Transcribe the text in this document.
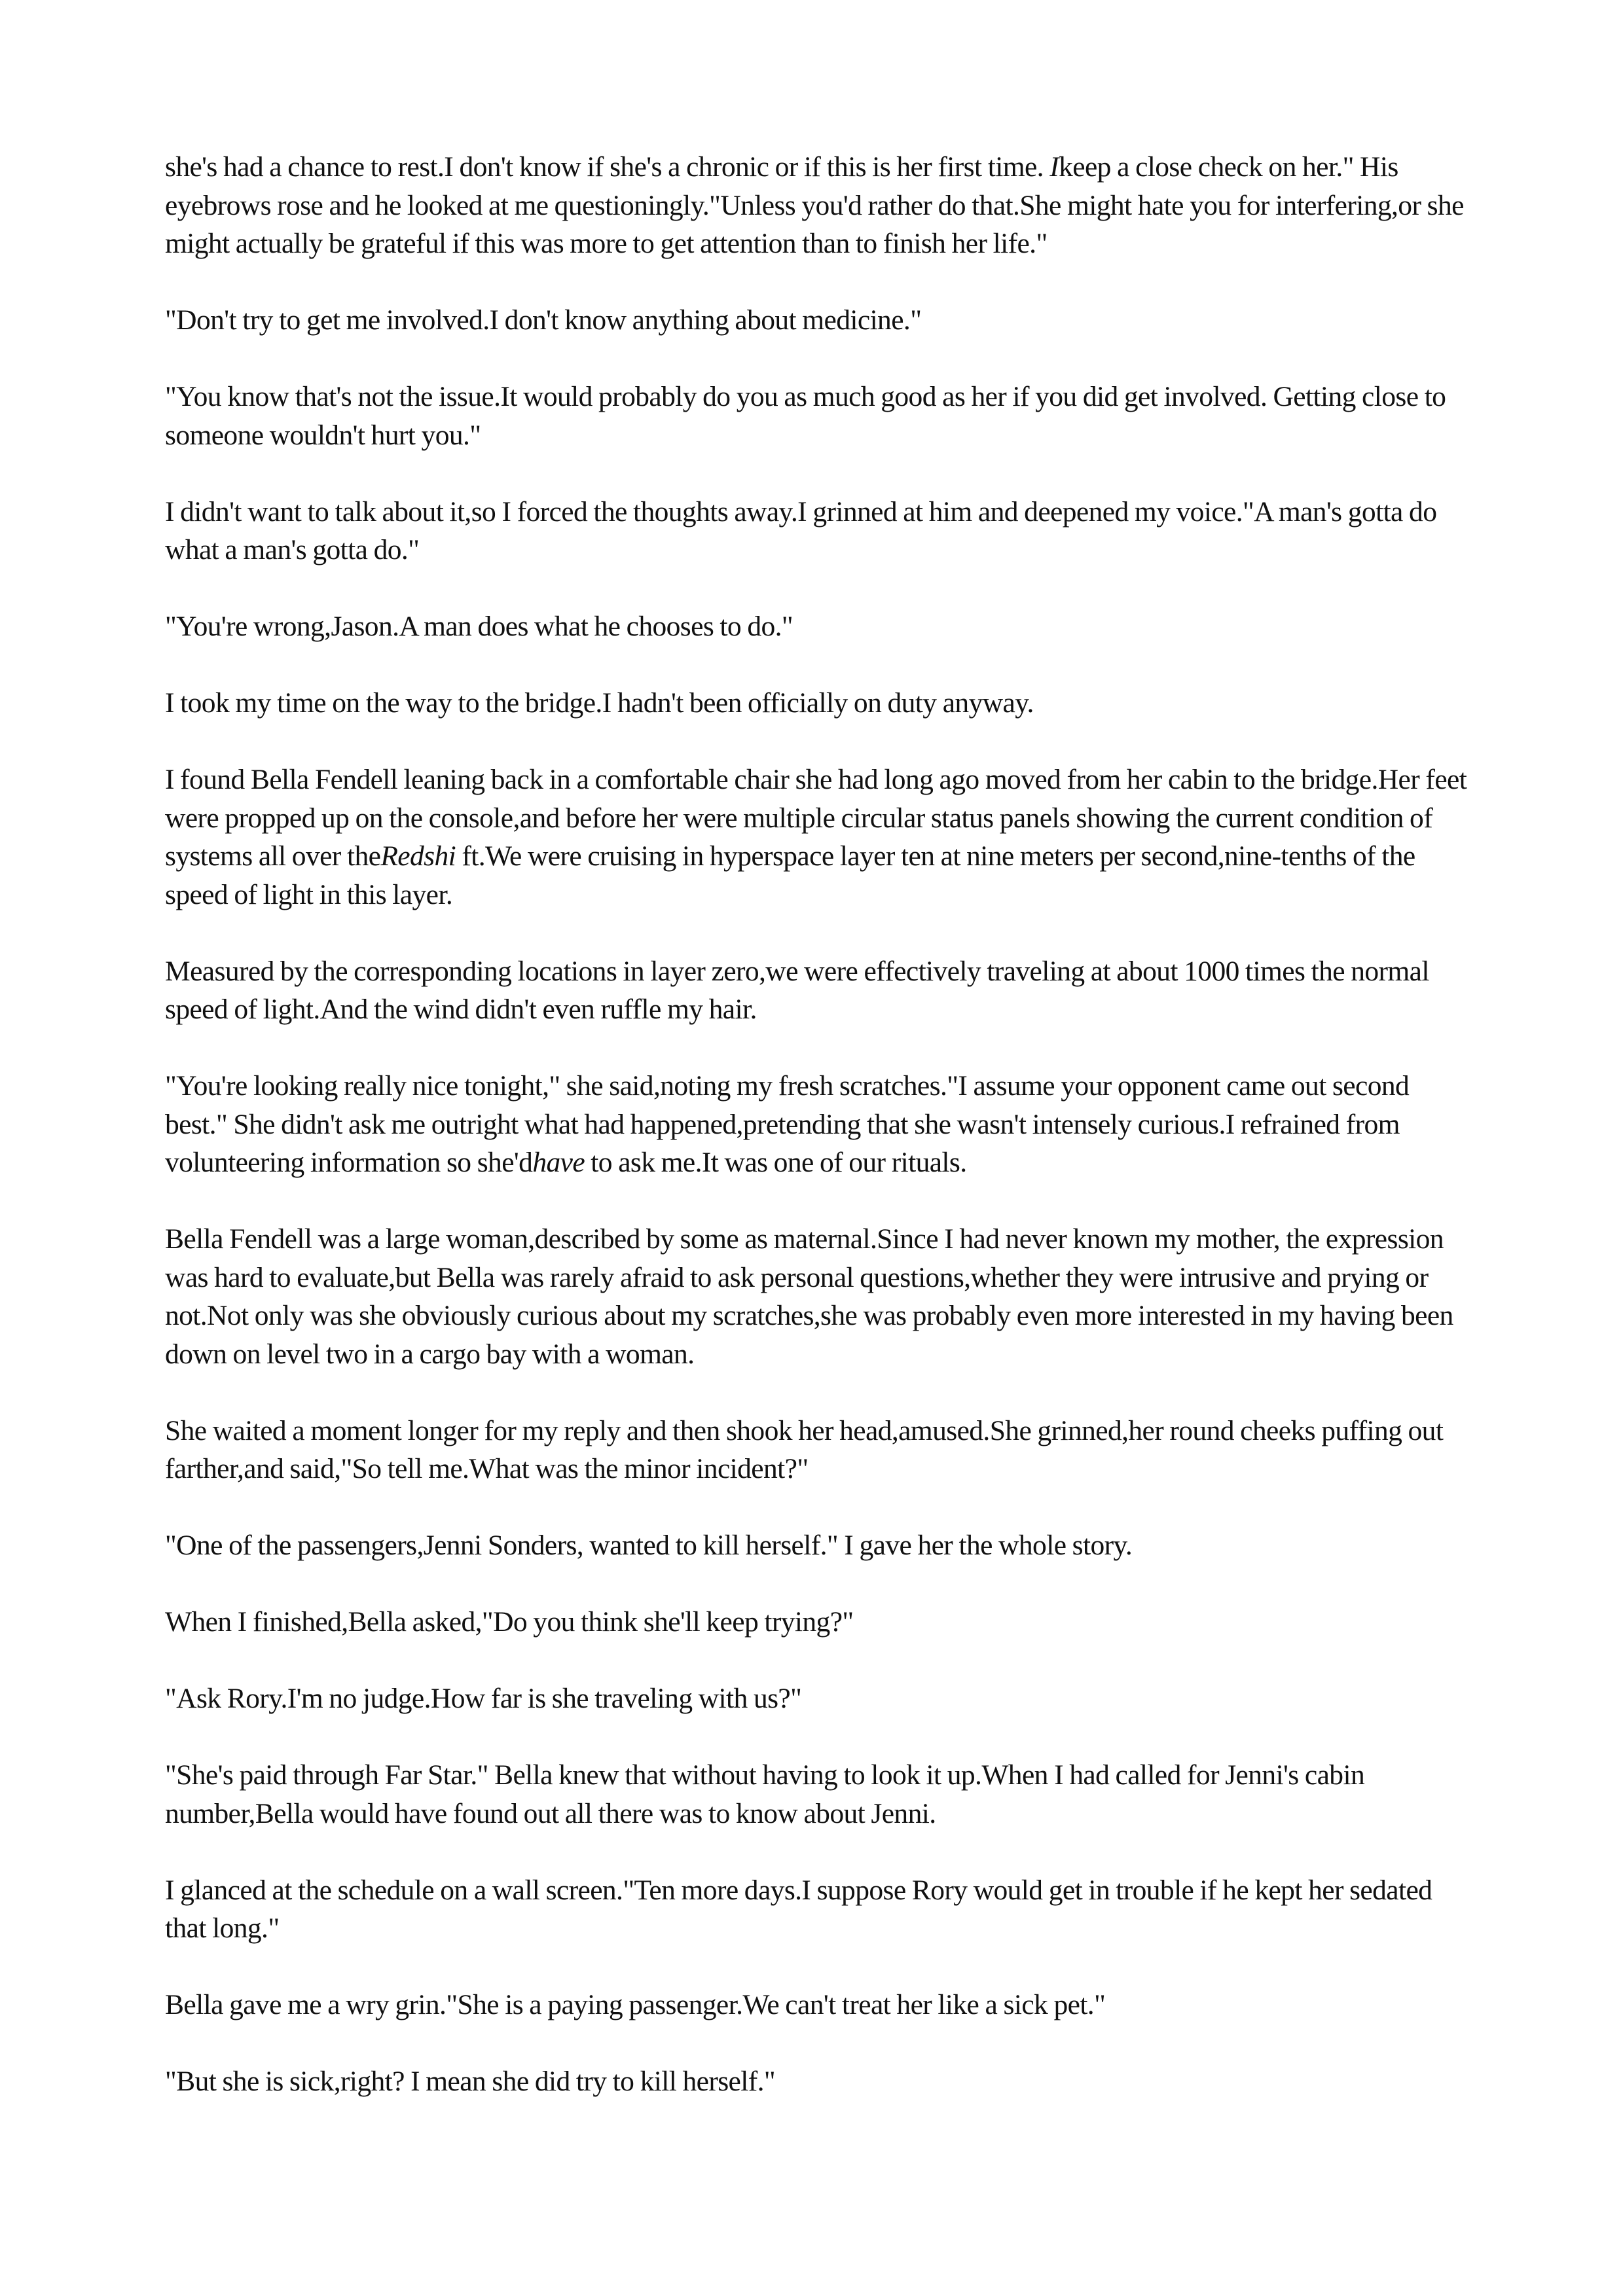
she's had a chance to rest.I don't know if she's a chronic or if this is her first time. Ikeep a close check on her." His eyebrows rose and he looked at me questioningly."Unless you'd rather do that.She might hate you for interfering,or she might actually be grateful if this was more to get attention than to finish her life."

"Don't try to get me involved.I don't know anything about medicine."

"You know that's not the issue.It would probably do you as much good as her if you did get involved. Getting close to someone wouldn't hurt you."

I didn't want to talk about it,so I forced the thoughts away.I grinned at him and deepened my voice."A man's gotta do what a man's gotta do."

"You're wrong,Jason.A man does what he chooses to do."

I took my time on the way to the bridge.I hadn't been officially on duty anyway.

I found Bella Fendell leaning back in a comfortable chair she had long ago moved from her cabin to the bridge.Her feet were propped up on the console,and before her were multiple circular status panels showing the current condition of systems all over theRedshi ft.We were cruising in hyperspace layer ten at nine meters per second,nine-tenths of the speed of light in this layer.

Measured by the corresponding locations in layer zero,we were effectively traveling at about 1000 times the normal speed of light.And the wind didn't even ruffle my hair.

"You're looking really nice tonight," she said,noting my fresh scratches."I assume your opponent came out second best." She didn't ask me outright what had happened,pretending that she wasn't intensely curious.I refrained from volunteering information so she'dhave to ask me.It was one of our rituals.

Bella Fendell was a large woman,described by some as maternal.Since I had never known my mother, the expression was hard to evaluate,but Bella was rarely afraid to ask personal questions,whether they were intrusive and prying or not.Not only was she obviously curious about my scratches,she was probably even more interested in my having been down on level two in a cargo bay with a woman.

She waited a moment longer for my reply and then shook her head,amused.She grinned,her round cheeks puffing out farther,and said,"So tell me.What was the minor incident?"

"One of the passengers,Jenni Sonders, wanted to kill herself." I gave her the whole story.

When I finished,Bella asked,"Do you think she'll keep trying?"

"Ask Rory.I'm no judge.How far is she traveling with us?"

"She's paid through Far Star." Bella knew that without having to look it up.When I had called for Jenni's cabin number,Bella would have found out all there was to know about Jenni.

I glanced at the schedule on a wall screen."Ten more days.I suppose Rory would get in trouble if he kept her sedated that long."

Bella gave me a wry grin."She is a paying passenger.We can't treat her like a sick pet."

"But she is sick,right? I mean she did try to kill herself."
